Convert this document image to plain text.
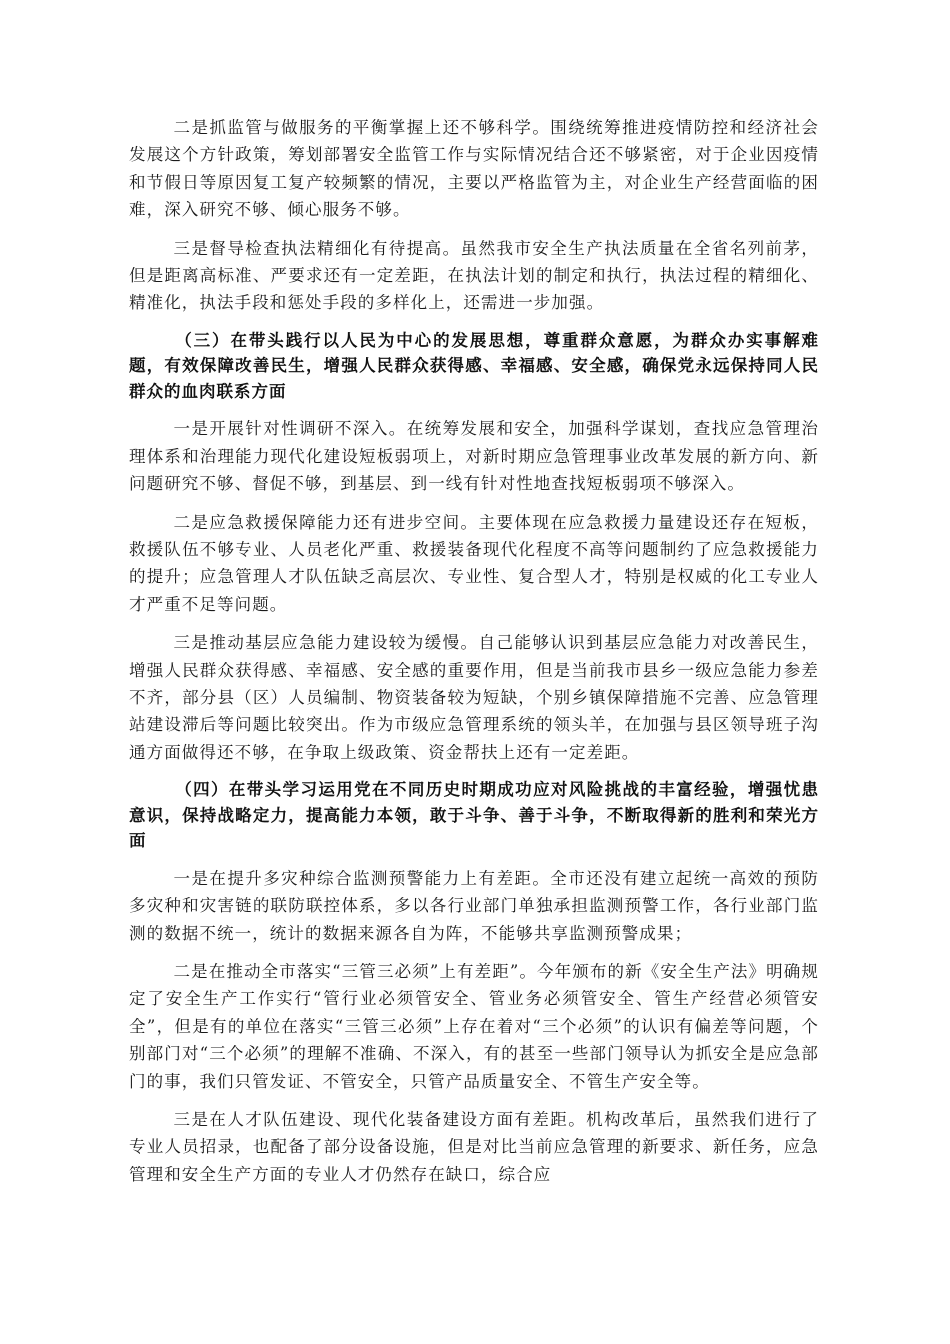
二是抓监管与做服务的平衡掌握上还不够科学。围绕统筹推进疫情防控和经济社会发展这个方针政策，筹划部署安全监管工作与实际情况结合还不够紧密，对于企业因疫情和节假日等原因复工复产较频繁的情况，主要以严格监管为主，对企业生产经营面临的困难，深入研究不够、倾心服务不够。

三是督导检查执法精细化有待提高。虽然我市安全生产执法质量在全省名列前茅，但是距离高标准、严要求还有一定差距，在执法计划的制定和执行，执法过程的精细化、精准化，执法手段和惩处手段的多样化上，还需进一步加强。

（三）在带头践行以人民为中心的发展思想，尊重群众意愿，为群众办实事解难题，有效保障改善民生，增强人民群众获得感、幸福感、安全感，确保党永远保持同人民群众的血肉联系方面

一是开展针对性调研不深入。在统筹发展和安全，加强科学谋划，查找应急管理治理体系和治理能力现代化建设短板弱项上，对新时期应急管理事业改革发展的新方向、新问题研究不够、督促不够，到基层、到一线有针对性地查找短板弱项不够深入。

二是应急救援保障能力还有进步空间。主要体现在应急救援力量建设还存在短板，救援队伍不够专业、人员老化严重、救援装备现代化程度不高等问题制约了应急救援能力的提升；应急管理人才队伍缺乏高层次、专业性、复合型人才，特别是权威的化工专业人才严重不足等问题。

三是推动基层应急能力建设较为缓慢。自己能够认识到基层应急能力对改善民生，增强人民群众获得感、幸福感、安全感的重要作用，但是当前我市县乡一级应急能力参差不齐，部分县（区）人员编制、物资装备较为短缺，个别乡镇保障措施不完善、应急管理站建设滞后等问题比较突出。作为市级应急管理系统的领头羊，在加强与县区领导班子沟通方面做得还不够，在争取上级政策、资金帮扶上还有一定差距。

（四）在带头学习运用党在不同历史时期成功应对风险挑战的丰富经验，增强忧患意识，保持战略定力，提高能力本领，敢于斗争、善于斗争，不断取得新的胜利和荣光方面

一是在提升多灾种综合监测预警能力上有差距。全市还没有建立起统一高效的预防多灾种和灾害链的联防联控体系，多以各行业部门单独承担监测预警工作，各行业部门监测的数据不统一，统计的数据来源各自为阵，不能够共享监测预警成果；

二是在推动全市落实“三管三必须”上有差距”。今年颁布的新《安全生产法》明确规定了安全生产工作实行“管行业必须管安全、管业务必须管安全、管生产经营必须管安全”，但是有的单位在落实“三管三必须”上存在着对“三个必须”的认识有偏差等问题，个别部门对“三个必须”的理解不准确、不深入，有的甚至一些部门领导认为抓安全是应急部门的事，我们只管发证、不管安全，只管产品质量安全、不管生产安全等。

三是在人才队伍建设、现代化装备建设方面有差距。机构改革后，虽然我们进行了专业人员招录，也配备了部分设备设施，但是对比当前应急管理的新要求、新任务，应急管理和安全生产方面的专业人才仍然存在缺口，综合应
